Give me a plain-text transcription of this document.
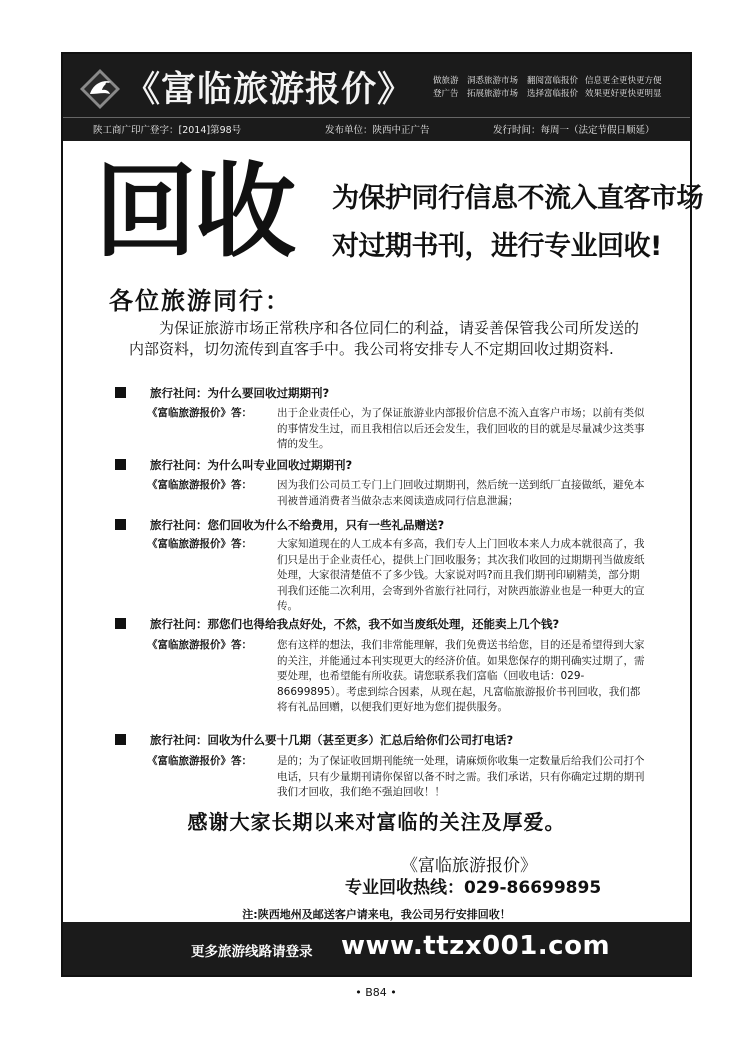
《富临旅游报价》 做旅游 洞悉旅游市场	翻阅富临报价 信息更全更快更方便
登广告 拓展旅游市场	选择富临报价 效果更好更快更明显
陕工商广印广登字：[2014]第98号	发布单位：陕西中正广告	发行时间：每周一（法定节假日顺延）
回收 为保护同行信息不流入直客市场
对过期书刊，进行专业回收!
各位旅游同行：
为保证旅游市场正常秩序和各位同仁的利益，请妥善保管我公司所发送的内部资料，切勿流传到直客手中。我公司将安排专人不定期回收过期资料.
旅行社问：为什么要回收过期期刊?
《富临旅游报价》答： 出于企业责任心，为了保证旅游业内部报价信息不流入直客户市场；以前有类似的事情发生过，而且我相信以后还会发生，我们回收的目的就是尽量减少这类事情的发生。
旅行社问：为什么叫专业回收过期期刊?
《富临旅游报价》答： 因为我们公司员工专门上门回收过期期刊，然后统一送到纸厂直接做纸，避免本刊被普通消费者当做杂志来阅读造成同行信息泄漏；
旅行社问：您们回收为什么不给费用，只有一些礼品赠送?
《富临旅游报价》答： 大家知道现在的人工成本有多高，我们专人上门回收本来人力成本就很高了，我们只是出于企业责任心，提供上门回收服务；其次我们收回的过期期刊当做废纸处理，大家很清楚值不了多少钱。大家说对吗?而且我们期刊印刷精美，部分期刊我们还能二次利用，会寄到外省旅行社同行，对陕西旅游业也是一种更大的宣传。
旅行社问：那您们也得给我点好处，不然，我不如当废纸处理，还能卖上几个钱?
《富临旅游报价》答： 您有这样的想法，我们非常能理解，我们免费送书给您，目的还是希望得到大家的关注，并能通过本刊实现更大的经济价值。如果您保存的期刊确实过期了，需要处理，也希望能有所收获。请您联系我们富临（回收电话：029-86699895）。考虑到综合因素，从现在起，凡富临旅游报价书刊回收，我们都将有礼品回赠，以便我们更好地为您们提供服务。
旅行社问：回收为什么要十几期（甚至更多）汇总后给你们公司打电话?
《富临旅游报价》答： 是的；为了保证收回期刊能统一处理，请麻烦你收集一定数量后给我们公司打个电话，只有少量期刊请你保留以备不时之需。我们承诺，只有你确定过期的期刊我们才回收，我们绝不强迫回收！！
感谢大家长期以来对富临的关注及厚爱。
《富临旅游报价》
专业回收热线：029-86699895
注:陕西地州及邮送客户请来电，我公司另行安排回收！
更多旅游线路请登录 www.ttzx001.com
• B84 •
